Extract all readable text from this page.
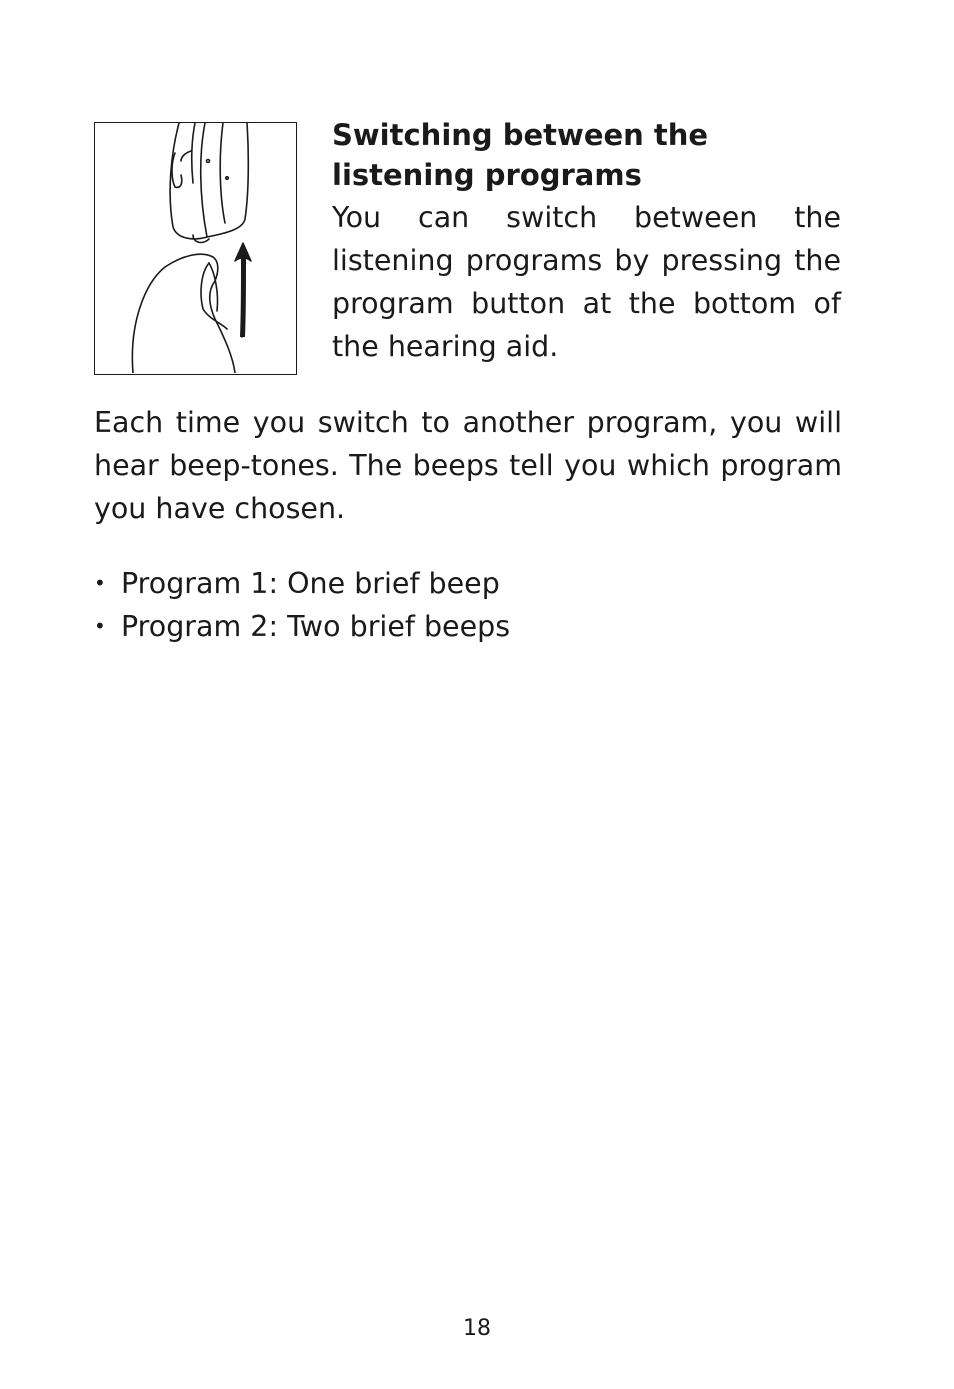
Switching between the listening programs

You can switch between the listening programs by pressing the program button at the bottom of the hearing aid.

Each time you switch to another program, you will hear beep-tones. The beeps tell you which program you have chosen.

• Program 1: One brief beep
• Program 2: Two brief beeps
18
